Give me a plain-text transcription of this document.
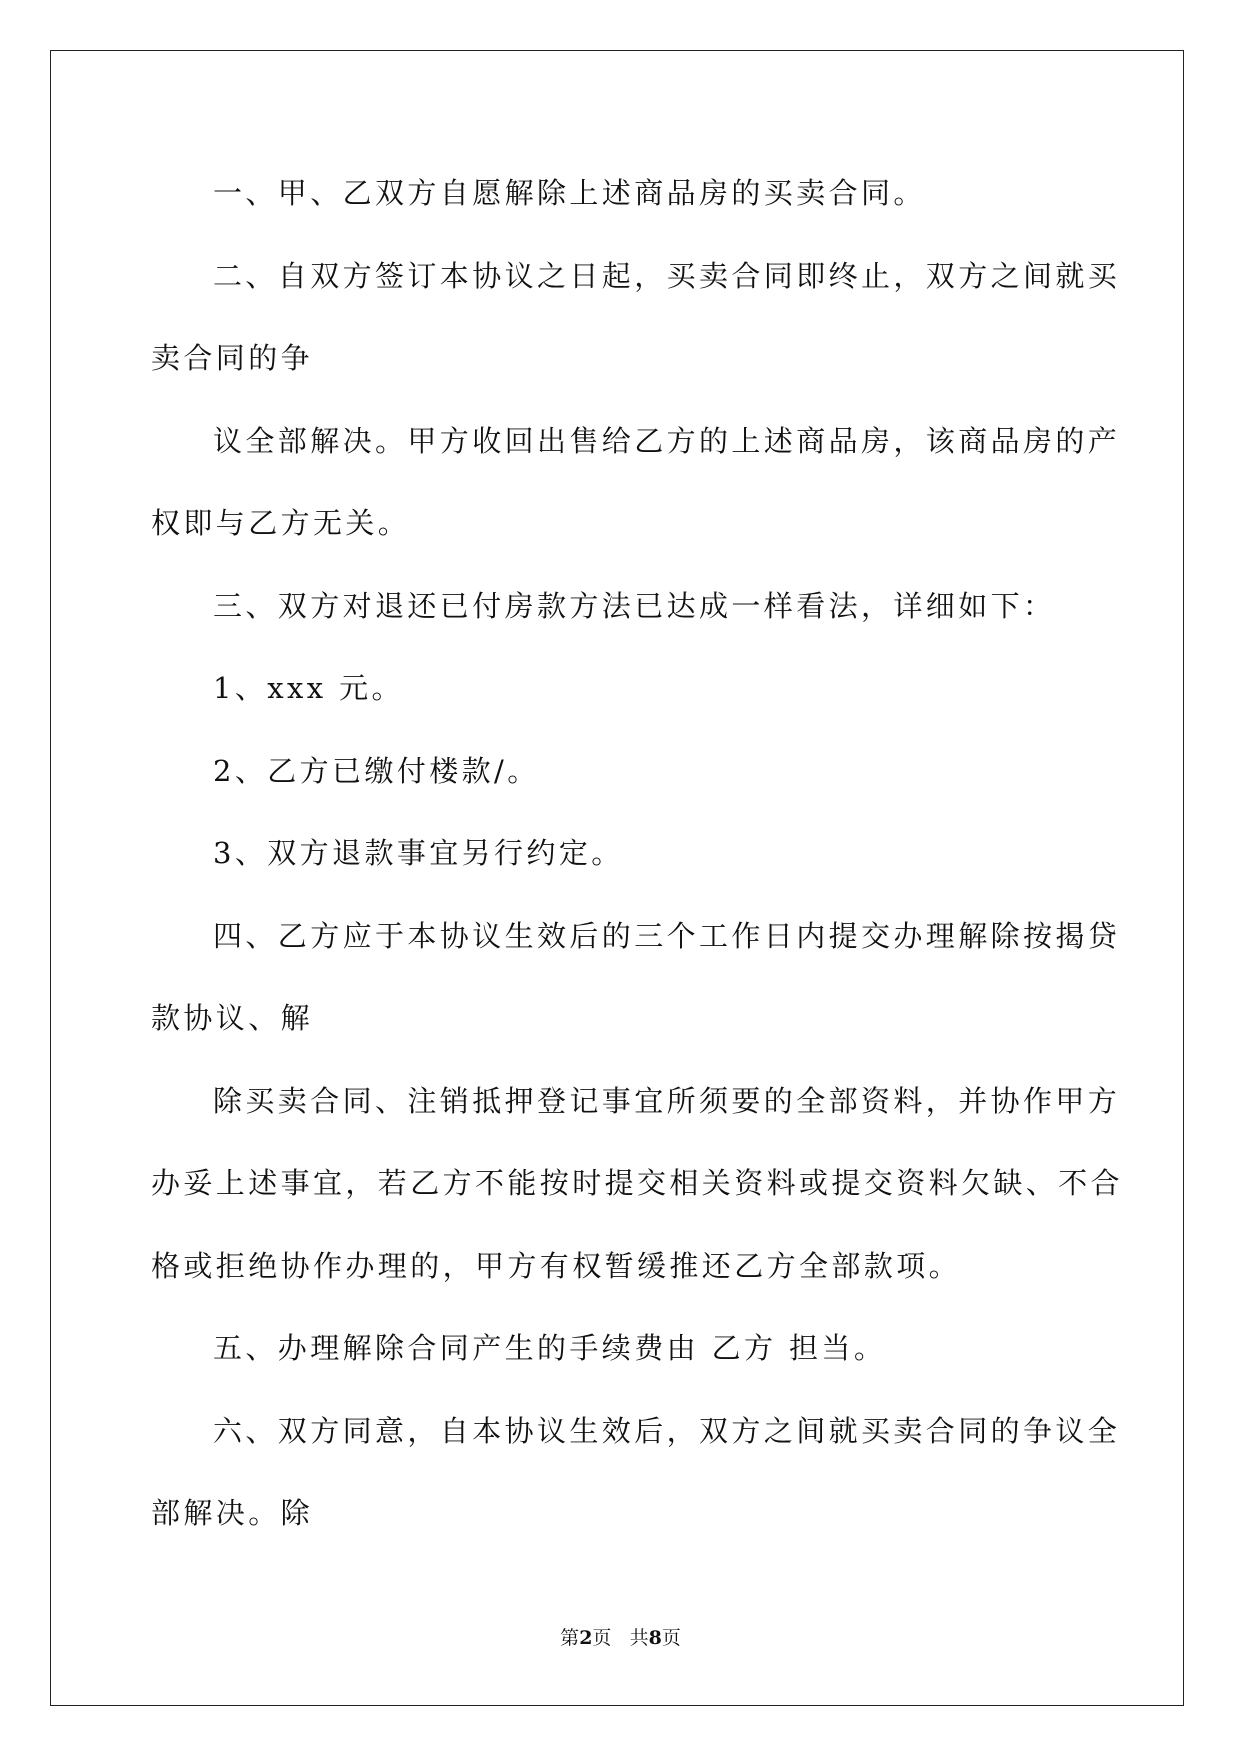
一、甲、乙双方自愿解除上述商品房的买卖合同。
二、自双方签订本协议之日起，买卖合同即终止，双方之间就买
卖合同的争
议全部解决。甲方收回出售给乙方的上述商品房，该商品房的产
权即与乙方无关。
三、双方对退还已付房款方法已达成一样看法，详细如下：
1、xxx 元。
2、乙方已缴付楼款/。
3、双方退款事宜另行约定。
四、乙方应于本协议生效后的三个工作日内提交办理解除按揭贷
款协议、解
除买卖合同、注销抵押登记事宜所须要的全部资料，并协作甲方
办妥上述事宜，若乙方不能按时提交相关资料或提交资料欠缺、不合
格或拒绝协作办理的，甲方有权暂缓推还乙方全部款项。
五、办理解除合同产生的手续费由 乙方 担当。
六、双方同意，自本协议生效后，双方之间就买卖合同的争议全
部解决。除
第2页 共8页
